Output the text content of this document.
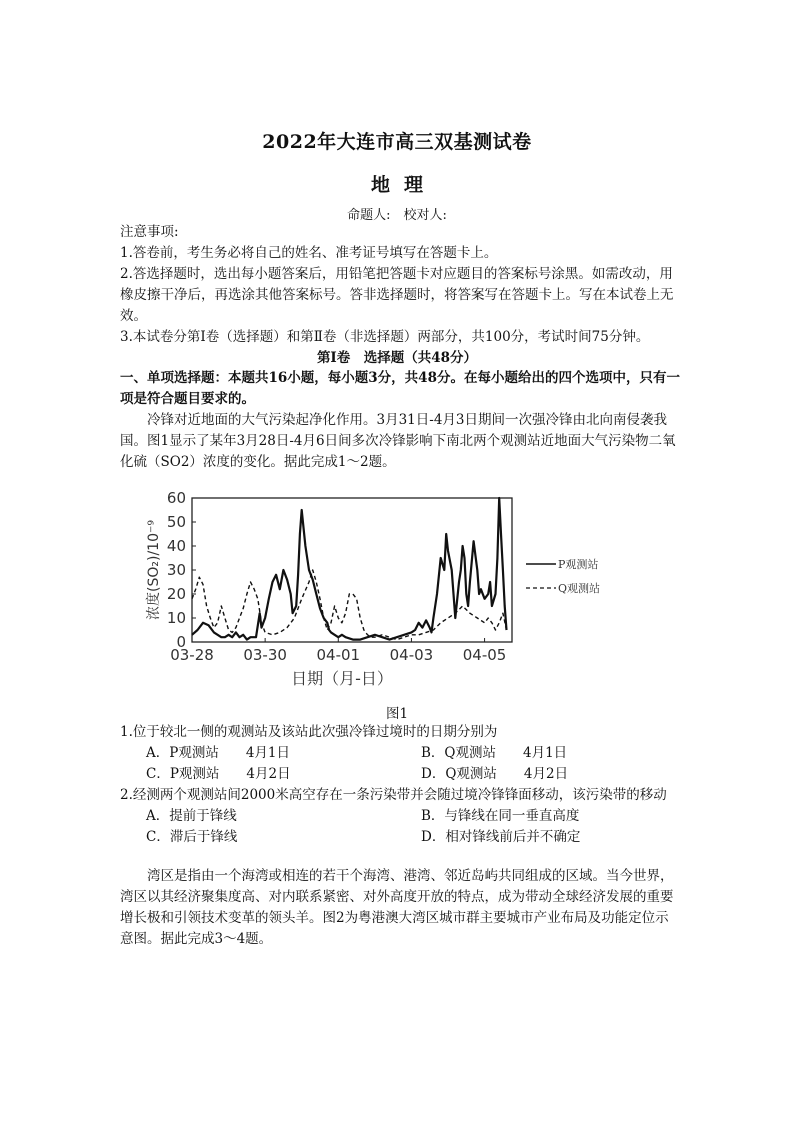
2022年大连市高三双基测试卷
地理
命题人:　校对人:
注意事项:
1.答卷前，考生务必将自己的姓名、准考证号填写在答题卡上。
2.答选择题时，选出每小题答案后，用铅笔把答题卡对应题目的答案标号涂黑。如需改动，用橡皮擦干净后，再选涂其他答案标号。答非选择题时，将答案写在答题卡上。写在本试卷上无效。
3.本试卷分第Ⅰ卷（选择题）和第Ⅱ卷（非选择题）两部分，共100分，考试时间75分钟。
第Ⅰ卷　选择题（共48分）
一、单项选择题：本题共16小题，每小题3分，共48分。在每小题给出的四个选项中，只有一项是符合题目要求的。
冷锋对近地面的大气污染起净化作用。3月31日-4月3日期间一次强冷锋由北向南侵袭我国。图1显示了某年3月28日-4月6日间多次冷锋影响下南北两个观测站近地面大气污染物二氧化硫（SO2）浓度的变化。据此完成1～2题。
0
10
20
30
40
50
60
03-28 03-30 04-01 04-03 04-05
日期（月-日）
浓度(SO₂)/10⁻⁹	P观测站
Q观测站
图1
1.位于较北一侧的观测站及该站此次强冷锋过境时的日期分别为
A．P观测站　　4月1日	B．Q观测站　　4月1日
C．P观测站　　4月2日	D．Q观测站　　4月2日
2.经测两个观测站间2000米高空存在一条污染带并会随过境冷锋锋面移动，该污染带的移动
A．提前于锋线	B．与锋线在同一垂直高度
C．滞后于锋线	D．相对锋线前后并不确定
湾区是指由一个海湾或相连的若干个海湾、港湾、邻近岛屿共同组成的区域。当今世界，湾区以其经济聚集度高、对内联系紧密、对外高度开放的特点，成为带动全球经济发展的重要增长极和引领技术变革的领头羊。图2为粤港澳大湾区城市群主要城市产业布局及功能定位示意图。据此完成3～4题。
